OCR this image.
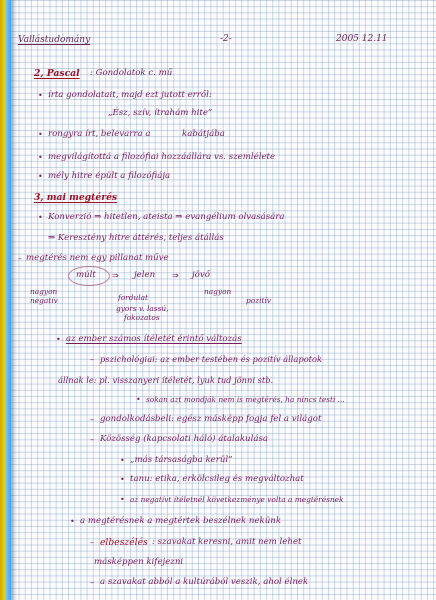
Vallástudomány	-2-	2005 12.11
2, Pascal : Gondolatok c. mű
• írta gondolatait, majd ezt jutott erről:
„Ész, szív, ítrahám hite”
• rongyra írt, belevarra a	kabátjába
• megvilágítottá a filozófiai hozzáállára vs. szemlélete
• mély hitre épült a filozófiája
3, mai megtérés
• Konverzió ⇒ hitetlen, ateista ⇒ evangélium olvasására
⇒ Keresztény hitre áttérés, teljes átállás
– megtérés nem egy pillanat műve
múlt ⇒ jelen ⇒ jövő
nagyon
negatív	fordulat
gyors v. lassú,
fokozatos
nagyon
pozitív
• az ember számos ítéletét érintő változás
– pszichológiai: az ember testében és pozitív állapotok
állnak le: pl. visszanyeri ítéletét, lyuk tud jönni stb.
• sokan azt mondják nem is megtérés, ha nincs testi ...
– gondolkodásbeli: egész másképp fogja fel a világot
– Közösség (kapcsolati háló) átalakulása
• „más társaságba kerül”
• tanu: etika, erkölcsileg és megváltozhat
• az negatívt ítéletnél következménye volta a megtérésnek
• a megtérésnek a megtértek beszélnek nekünk
– elbeszélés : szavakat keresni, amit nem lehet
másképpen kifejezni
– a szavakat abból a kultúrából veszik, ahol élnek
